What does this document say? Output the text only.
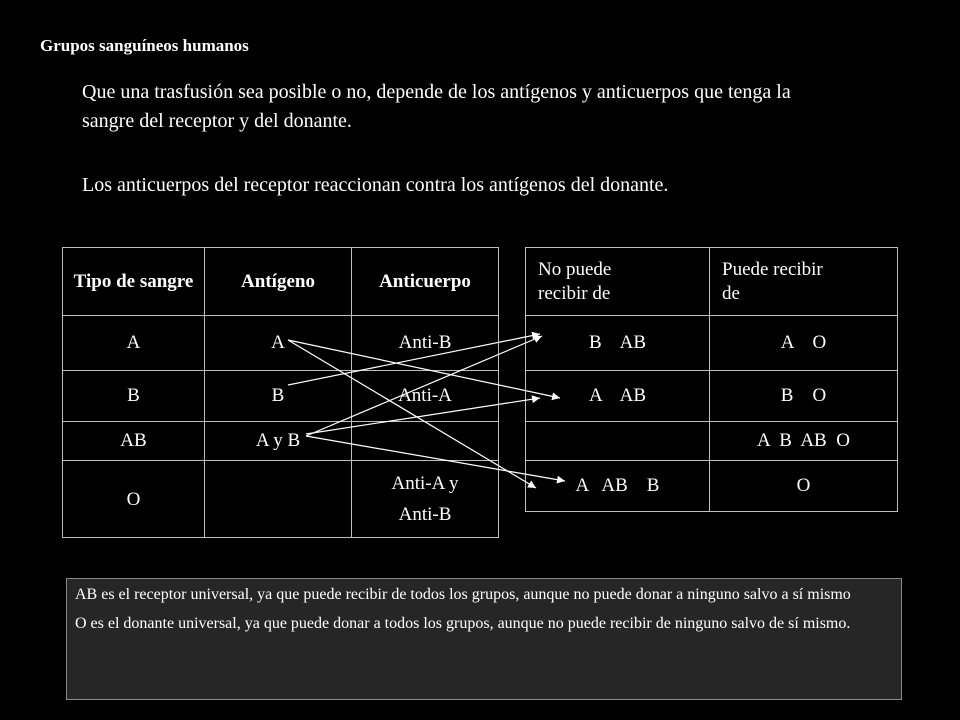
Grupos sanguíneos humanos
Que una trasfusión sea posible o no, depende de los antígenos y anticuerpos que tenga la sangre del receptor y del donante.
Los anticuerpos del receptor reaccionan contra los antígenos del donante.
Tipo de sangre	Antígeno	Anticuerpo
A	A	Anti-B
B	B	Anti-A
AB	A y B	
O		Anti-A y Anti-B
No puede recibir de	Puede recibir de

B    AB	A    O
A    AB	B    O
	A  B  AB  O
A   AB    B	O

AB es el receptor universal, ya que puede recibir de todos los grupos, aunque no puede donar a ninguno salvo a sí mismo

O es el donante universal, ya que puede donar a todos los grupos, aunque no puede recibir de ninguno salvo de sí mismo.
